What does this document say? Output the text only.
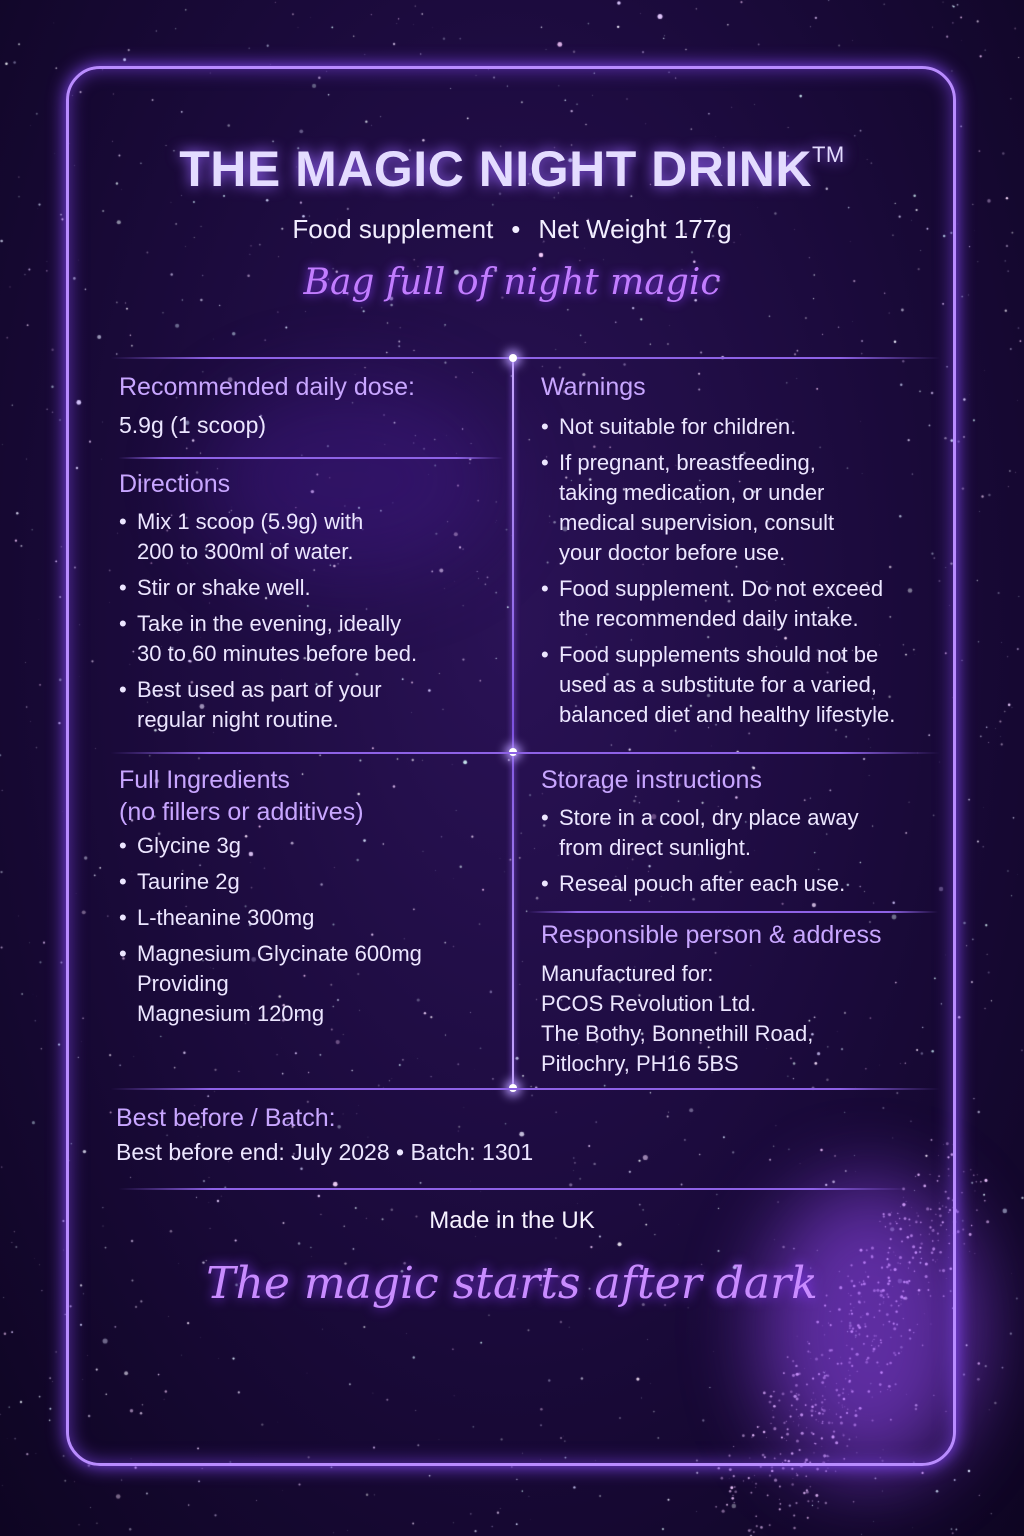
THE MAGIC NIGHT DRINK™
Food supplement • Net Weight 177g
Bag full of night magic
Recommended daily dose:
5.9g (1 scoop)
Directions
• Mix 1 scoop (5.9g) with
200 to 300ml of water.
• Stir or shake well.
• Take in the evening, ideally
30 to 60 minutes before bed.
• Best used as part of your
regular night routine.
Full Ingredients
(no fillers or additives)
• Glycine 3g
• Taurine 2g
• L-theanine 300mg
• Magnesium Glycinate 600mg
Providing
Magnesium 120mg
Warnings
• Not suitable for children.
• If pregnant, breastfeeding,
taking medication, or under
medical supervision, consult
your doctor before use.
• Food supplement. Do not exceed
the recommended daily intake.
• Food supplements should not be
used as a substitute for a varied,
balanced diet and healthy lifestyle.
Storage instructions
• Store in a cool, dry place away
from direct sunlight.
• Reseal pouch after each use.
Responsible person & address
Manufactured for:
PCOS Revolution Ltd.
The Bothy, Bonnethill Road,
Pitlochry, PH16 5BS
Best before / Batch:
Best before end: July 2028 • Batch: 1301
Made in the UK
The magic starts after dark
